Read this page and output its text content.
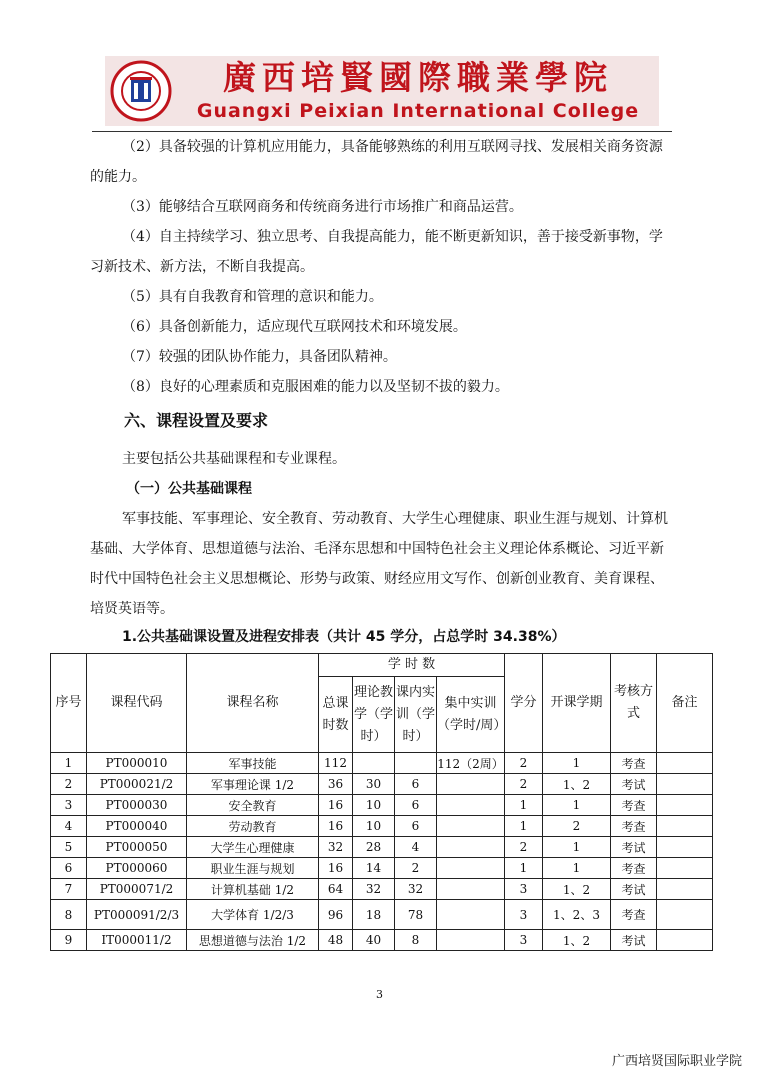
廣西培賢國際職業學院
Guangxi Peixian International College

（2）具备较强的计算机应用能力，具备能够熟练的利用互联网寻找、发展相关商务资源的能力。

（3）能够结合互联网商务和传统商务进行市场推广和商品运营。

（4）自主持续学习、独立思考、自我提高能力，能不断更新知识，善于接受新事物，学习新技术、新方法，不断自我提高。

（5）具有自我教育和管理的意识和能力。

（6）具备创新能力，适应现代互联网技术和环境发展。

（7）较强的团队协作能力，具备团队精神。

（8）良好的心理素质和克服困难的能力以及坚韧不拔的毅力。

六、课程设置及要求

主要包括公共基础课程和专业课程。

（一）公共基础课程

军事技能、军事理论、安全教育、劳动教育、大学生心理健康、职业生涯与规划、计算机基础、大学体育、思想道德与法治、毛泽东思想和中国特色社会主义理论体系概论、习近平新时代中国特色社会主义思想概论、形势与政策、财经应用文写作、创新创业教育、美育课程、培贤英语等。

1.公共基础课设置及进程安排表（共计 45 学分，占总学时 34.38%）
序号	课程代码	课程名称	学 时 数				学分	开课学期	考核方式	备注
			总课时数	理论教学（学时）	课内实训（学时）	集中实训（学时/周）				
1	PT000010	军事技能	112			112（2周）	2	1	考查	
2	PT000021/2	军事理论课 1/2	36	30	6		2	1、2	考试	
3	PT000030	安全教育	16	10	6		1	1	考查	
4	PT000040	劳动教育	16	10	6		1	2	考查	
5	PT000050	大学生心理健康	32	28	4		2	1	考试	
6	PT000060	职业生涯与规划	16	14	2		1	1	考查	
7	PT000071/2	计算机基础 1/2	64	32	32		3	1、2	考试	
8	PT000091/2/3	大学体育 1/2/3	96	18	78		3	1、2、3	考查	
9	IT000011/2	思想道德与法治 1/2	48	40	8		3	1、2	考试	
3
广西培贤国际职业学院
